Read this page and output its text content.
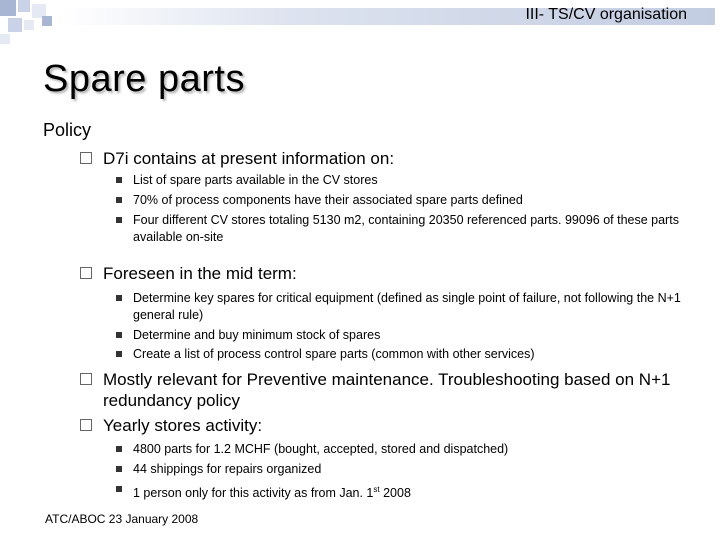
III- TS/CV organisation
Spare parts
Policy
D7i contains at present information on:
List of spare parts available in the CV stores
70% of process components have their associated spare parts defined
Four different CV stores totaling 5130 m2, containing 20350 referenced parts. 99096 of these parts available on-site
Foreseen in the mid term:
Determine key spares for critical equipment (defined as single point of failure, not following the N+1 general rule)
Determine and buy minimum stock of spares
Create a list of process control spare parts (common with other services)
Mostly relevant for Preventive maintenance. Troubleshooting based on N+1 redundancy policy
Yearly stores activity:
4800 parts for 1.2 MCHF (bought, accepted, stored and dispatched)
44 shippings for repairs organized
1 person only for this activity as from Jan. 1st 2008
ATC/ABOC 23 January 2008
